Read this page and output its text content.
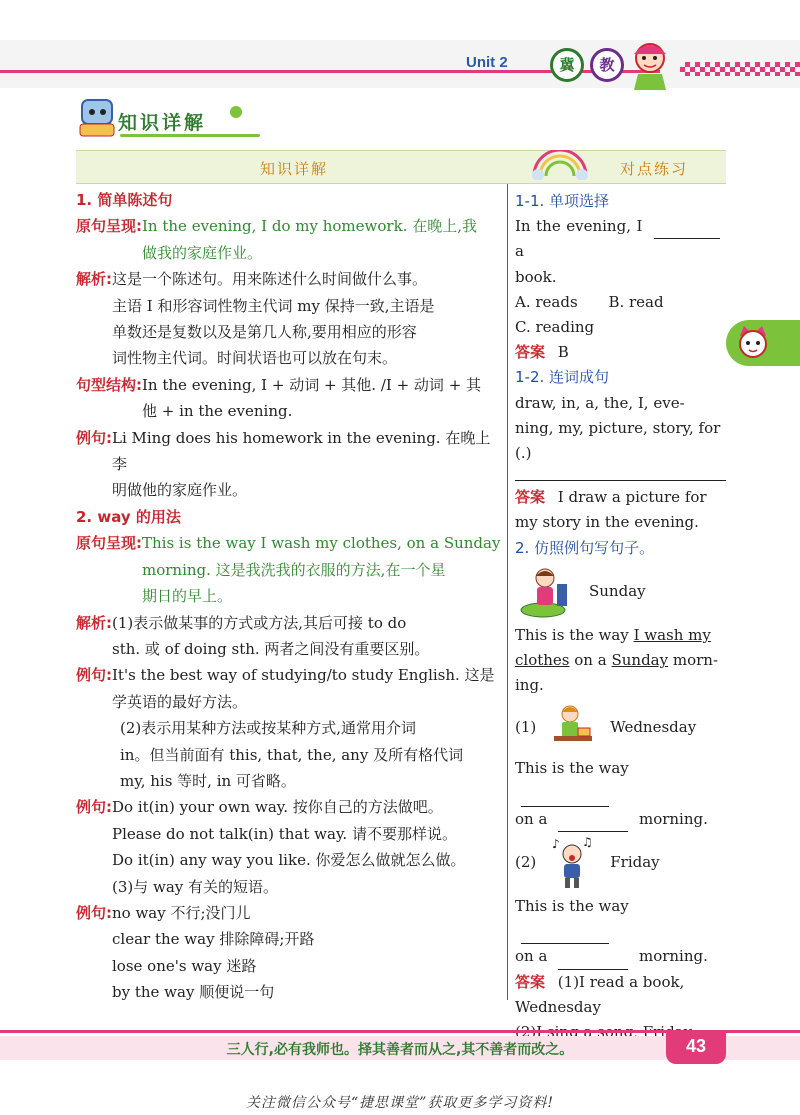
Unit 2	冀	教
知识详解
知识详解	对点练习
1. 简单陈述句
原句呈现: In the evening, I do my homework. 在晚上,我
做我的家庭作业。
解析: 这是一个陈述句。用来陈述什么时间做什么事。
主语 I 和形容词性物主代词 my 保持一致,主语是
单数还是复数以及是第几人称,要用相应的形容
词性物主代词。时间状语也可以放在句末。
句型结构: In the evening, I + 动词 + 其他. /I + 动词 + 其
他 + in the evening.
例句: Li Ming does his homework in the evening. 在晚上李
明做他的家庭作业。
2. way 的用法
原句呈现: This is the way I wash my clothes, on a Sunday
morning. 这是我洗我的衣服的方法,在一个星
期日的早上。
解析: (1)表示做某事的方式或方法,其后可接 to do
sth. 或 of doing sth. 两者之间没有重要区别。
例句: It's the best way of studying/to study English. 这是
学英语的最好方法。
(2)表示用某种方法或按某种方式,通常用介词
in。但当前面有 this, that, the, any 及所有格代词
my, his 等时, in 可省略。
例句: Do it(in) your own way. 按你自己的方法做吧。
Please do not talk(in) that way. 请不要那样说。
Do it(in) any way you like. 你爱怎么做就怎么做。
(3)与 way 有关的短语。
例句: no way 不行;没门儿
clear the way 排除障碍;开路
lose one's way 迷路
by the way 顺便说一句
1-1. 单项选择
In the evening, I  a
book.
A. reads B. read
C. reading
答案 B
1-2. 连词成句
draw, in, a, the, I, eve-
ning, my, picture, story, for
(.)
答案 I draw a picture for
my story in the evening.
2. 仿照例句写句子。
Sunday
This is the way I wash my
clothes on a Sunday morn-
ing.
(1)	Wednesday
This is the way
on a	morning.
(2)
♪ ♫
Friday
This is the way
on a	morning.
答案 (1)I read a book,
Wednesday
三人行,必有我师也。择其善者而从之,其不善者而改之。	43
关注微信公众号“捷思课堂”获取更多学习资料!
